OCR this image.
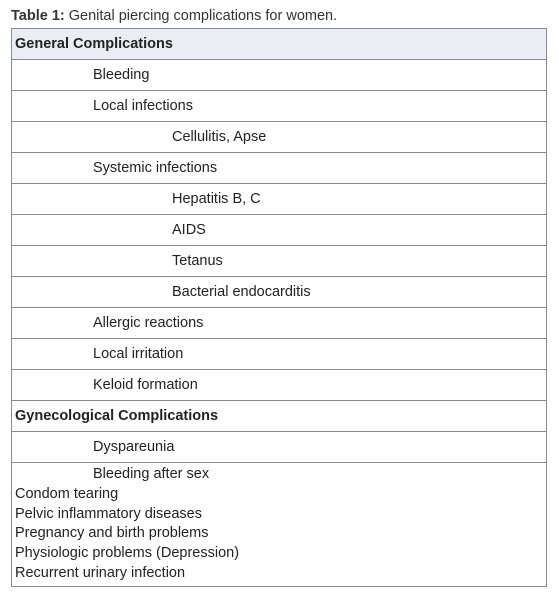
Table 1: Genital piercing complications for women.
General Complications
Bleeding
Local infections
Cellulitis, Apse
Systemic infections
Hepatitis B, C
AIDS
Tetanus
Bacterial endocarditis
Allergic reactions
Local irritation
Keloid formation
Gynecological Complications
Dyspareunia
Bleeding after sex
Condom tearing
Pelvic inflammatory diseases
Pregnancy and birth problems
Physiologic problems (Depression)
Recurrent urinary infection
